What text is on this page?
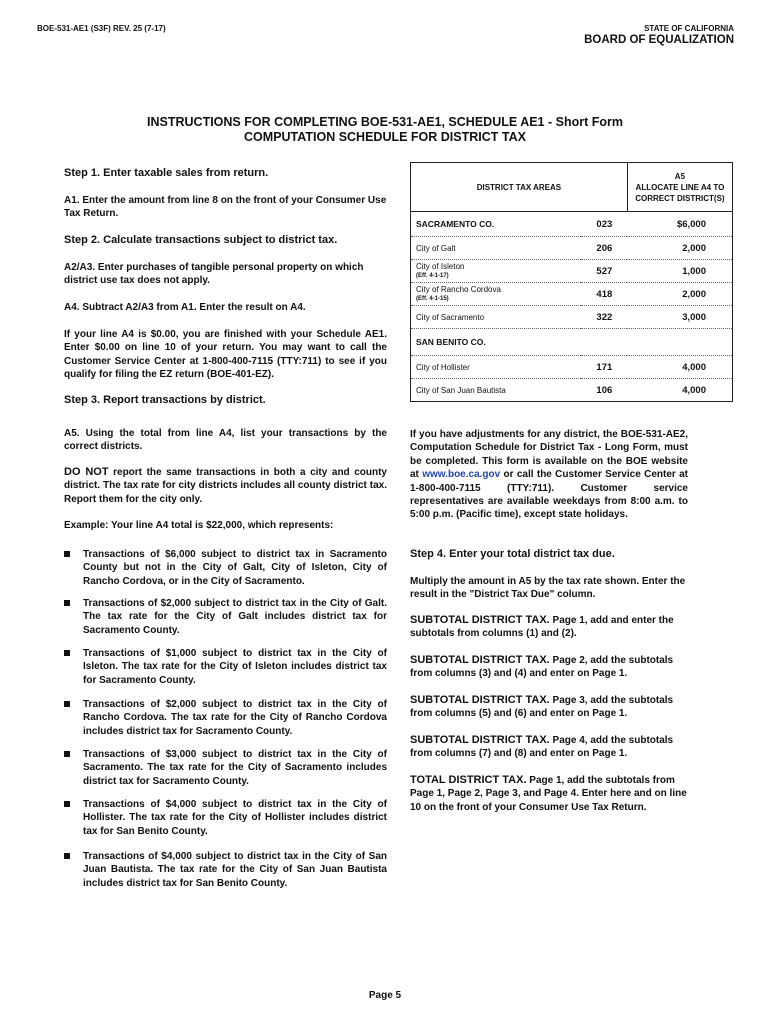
BOE-531-AE1 (S3F) REV. 25 (7-17)	STATE OF CALIFORNIA
BOARD OF EQUALIZATION
INSTRUCTIONS FOR COMPLETING BOE-531-AE1, SCHEDULE AE1 - Short Form
COMPUTATION SCHEDULE FOR DISTRICT TAX

Step 1. Enter taxable sales from return.

A1. Enter the amount from line 8 on the front of your Consumer Use Tax Return.

Step 2. Calculate transactions subject to district tax.

A2/A3. Enter purchases of tangible personal property on which district use tax does not apply.

A4. Subtract A2/A3 from A1. Enter the result on A4.

If your line A4 is $0.00, you are finished with your Schedule AE1. Enter $0.00 on line 10 of your return. You may want to call the Customer Service Center at 1-800-400-7115 (TTY:711) to see if you qualify for filing the EZ return (BOE-401-EZ).

Step 3. Report transactions by district.

A5. Using the total from line A4, list your transactions by the correct districts.

DO NOT report the same transactions in both a city and county district. The tax rate for city districts includes all county district tax. Report them for the city only.

Example: Your line A4 total is $22,000, which represents:

Transactions of $6,000 subject to district tax in Sacramento County but not in the City of Galt, City of Isleton, City of Rancho Cordova, or in the City of Sacramento.
Transactions of $2,000 subject to district tax in the City of Galt. The tax rate for the City of Galt includes district tax for Sacramento County.
Transactions of $1,000 subject to district tax in the City of Isleton. The tax rate for the City of Isleton includes district tax for Sacramento County.
Transactions of $2,000 subject to district tax in the City of Rancho Cordova. The tax rate for the City of Rancho Cordova includes district tax for Sacramento County.
Transactions of $3,000 subject to district tax in the City of Sacramento. The tax rate for the City of Sacramento includes district tax for Sacramento County.
Transactions of $4,000 subject to district tax in the City of Hollister. The tax rate for the City of Hollister includes district tax for San Benito County.
Transactions of $4,000 subject to district tax in the City of San Juan Bautista. The tax rate for the City of San Juan Bautista includes district tax for San Benito County.
DISTRICT TAX AREAS		A5
ALLOCATE LINE A4 TO
CORRECT DISTRICT(S)

SACRAMENTO CO.	023	$6,000
City of Galt	206	2,000

City of Isleton
(Eff. 4-1-17)	527	1,000

City of Rancho Cordova
(Eff. 4-1-15)	418	2,000
City of Sacramento	322	3,000
SAN BENITO CO.		
City of Hollister	171	4,000
City of San Juan Bautista	106	4,000

If you have adjustments for any district, the BOE-531-AE2, Computation Schedule for District Tax - Long Form, must be completed. This form is available on the BOE website at www.boe.ca.gov or call the Customer Service Center at 1-800-400-7115 (TTY:711). Customer service representatives are available weekdays from 8:00 a.m. to 5:00 p.m. (Pacific time), except state holidays.

Step 4. Enter your total district tax due.

Multiply the amount in A5 by the tax rate shown. Enter the result in the "District Tax Due" column.

SUBTOTAL DISTRICT TAX. Page 1, add and enter the subtotals from columns (1) and (2).

SUBTOTAL DISTRICT TAX. Page 2, add the subtotals from columns (3) and (4) and enter on Page 1.

SUBTOTAL DISTRICT TAX. Page 3, add the subtotals from columns (5) and (6) and enter on Page 1.

SUBTOTAL DISTRICT TAX. Page 4, add the subtotals from columns (7) and (8) and enter on Page 1.

TOTAL DISTRICT TAX. Page 1, add the subtotals from Page 1, Page 2, Page 3, and Page 4. Enter here and on line 10 on the front of your Consumer Use Tax Return.

Page 5
